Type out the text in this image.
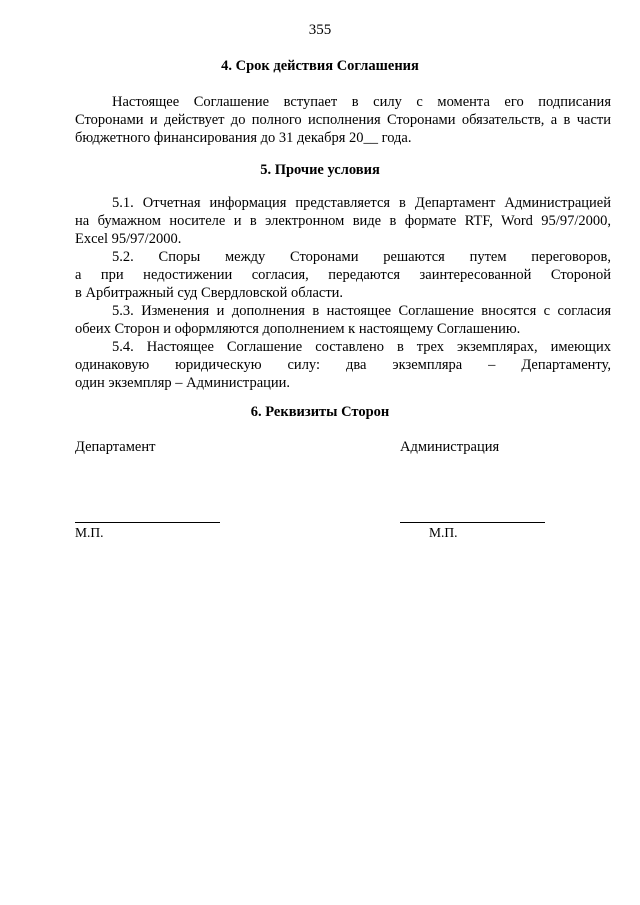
355
4. Срок действия Соглашения
Настоящее Соглашение вступает в силу с момента его подписания
Сторонами и действует до полного исполнения Сторонами обязательств, а в части
бюджетного финансирования до 31 декабря 20__ года.
5. Прочие условия
5.1. Отчетная информация представляется в Департамент Администрацией
на бумажном носителе и в электронном виде в формате RTF, Word 95/97/2000,
Excel 95/97/2000.
5.2. Споры между Сторонами решаются путем переговоров,
а при недостижении согласия, передаются заинтересованной Стороной
в Арбитражный суд Свердловской области.
5.3. Изменения и дополнения в настоящее Соглашение вносятся с согласия
обеих Сторон и оформляются дополнением к настоящему Соглашению.
5.4. Настоящее Соглашение составлено в трех экземплярах, имеющих
одинаковую юридическую силу: два экземпляра – Департаменту,
один экземпляр – Администрации.
6. Реквизиты Сторон
Департамент	Администрация
М.П.	М.П.
